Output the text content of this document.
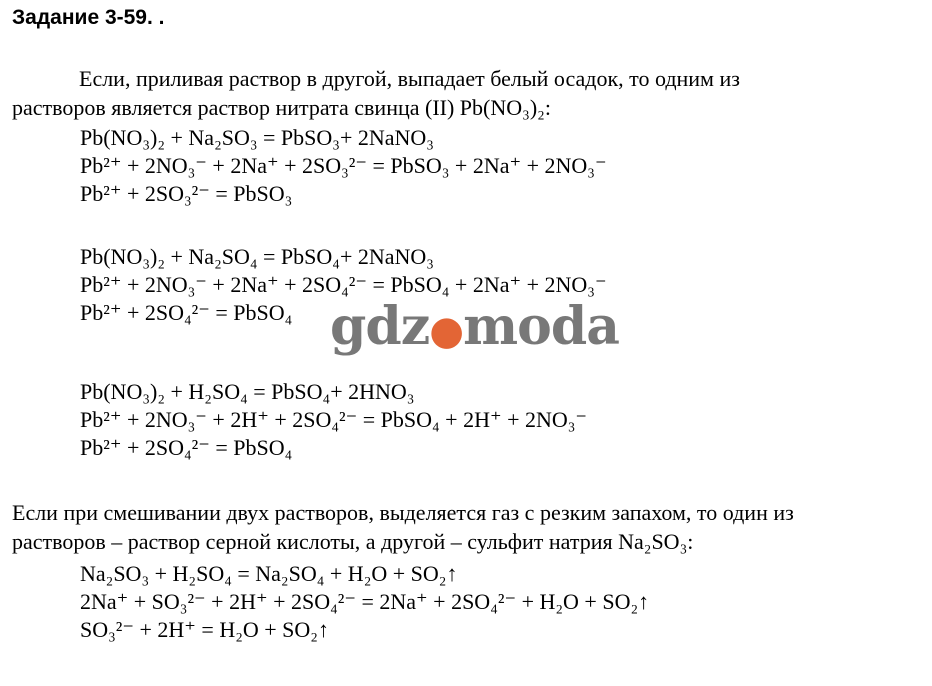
Задание 3-59. .
Если, приливая раствор в другой, выпадает белый осадок, то одним из
растворов является раствор нитрата свинца (II) Pb(NO₃)₂:
Pb(NO₃)₂ + Na₂SO₃ = PbSO₃+ 2NaNO₃
Pb²⁺ + 2NO₃⁻ + 2Na⁺ + 2SO₃²⁻ = PbSO₃ + 2Na⁺ + 2NO₃⁻
Pb²⁺ + 2SO₃²⁻ = PbSO₃
Pb(NO₃)₂ + Na₂SO₄ = PbSO₄+ 2NaNO₃
Pb²⁺ + 2NO₃⁻ + 2Na⁺ + 2SO₄²⁻ = PbSO₄ + 2Na⁺ + 2NO₃⁻
Pb²⁺ + 2SO₄²⁻ = PbSO₄
Pb(NO₃)₂ + H₂SO₄ = PbSO₄+ 2HNO₃
Pb²⁺ + 2NO₃⁻ + 2H⁺ + 2SO₄²⁻ = PbSO₄ + 2H⁺ + 2NO₃⁻
Pb²⁺ + 2SO₄²⁻ = PbSO₄
Если при смешивании двух растворов, выделяется газ с резким запахом, то один из
растворов – раствор серной кислоты, а другой – сульфит натрия Na₂SO₃:
Na₂SO₃ + H₂SO₄ = Na₂SO₄ + H₂O + SO₂↑
2Na⁺ + SO₃²⁻ + 2H⁺ + 2SO₄²⁻ = 2Na⁺ + 2SO₄²⁻ + H₂O + SO₂↑
SO₃²⁻ + 2H⁺ = H₂O + SO₂↑
gdz●moda
